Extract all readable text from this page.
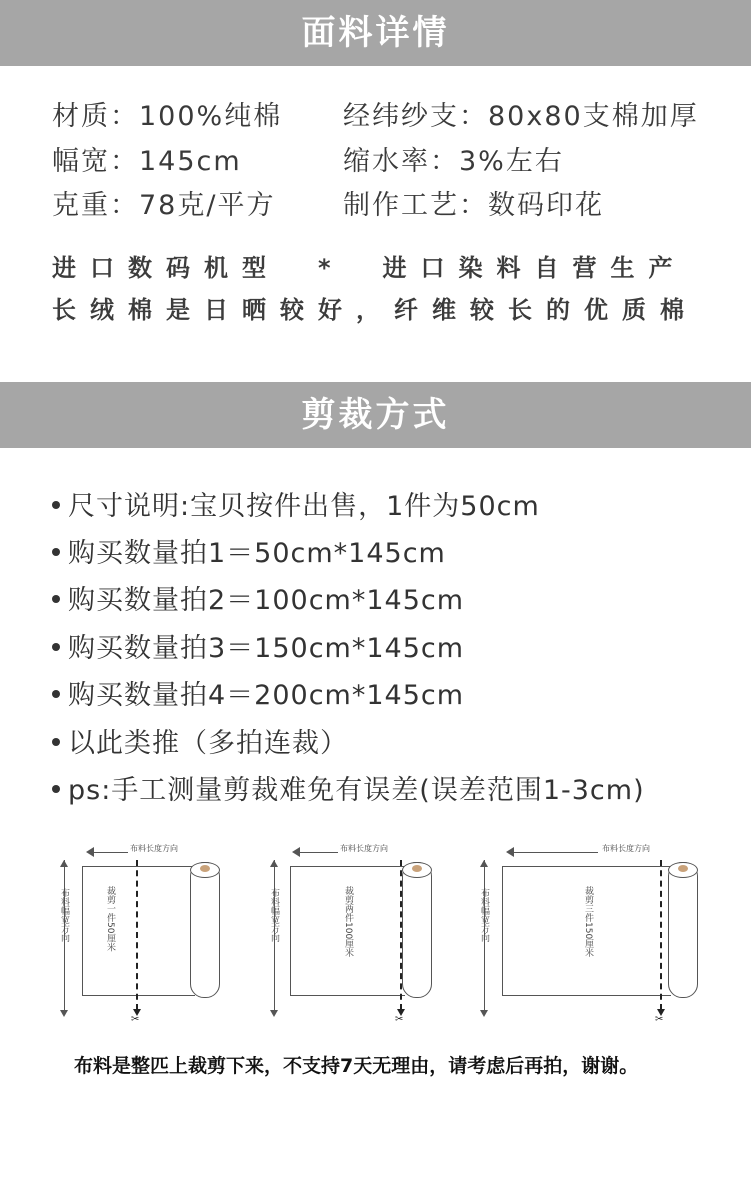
面料详情
材质：100%纯棉 经纬纱支：80x80支棉加厚
幅宽：145cm	缩水率：3%左右
克重：78克/平方	制作工艺：数码印花
进口数码机型　*　进口染料自营生产
长绒棉是日晒较好，纤维较长的优质棉
剪裁方式
尺寸说明:宝贝按件出售，1件为50cm
购买数量拍1＝50cm*145cm
购买数量拍2＝100cm*145cm
购买数量拍3＝150cm*145cm
购买数量拍4＝200cm*145cm
以此类推（多拍连裁）
ps:手工测量剪裁难免有误差(误差范围1-3cm)
布料长度方向
布料幅宽方向	裁剪一件50厘米
✂
布料长度方向
布料幅宽方向	裁剪两件100厘米
✂
布料长度方向
布料幅宽方向	裁剪三件150厘米
✂
布料是整匹上裁剪下来，不支持7天无理由，请考虑后再拍，谢谢。
